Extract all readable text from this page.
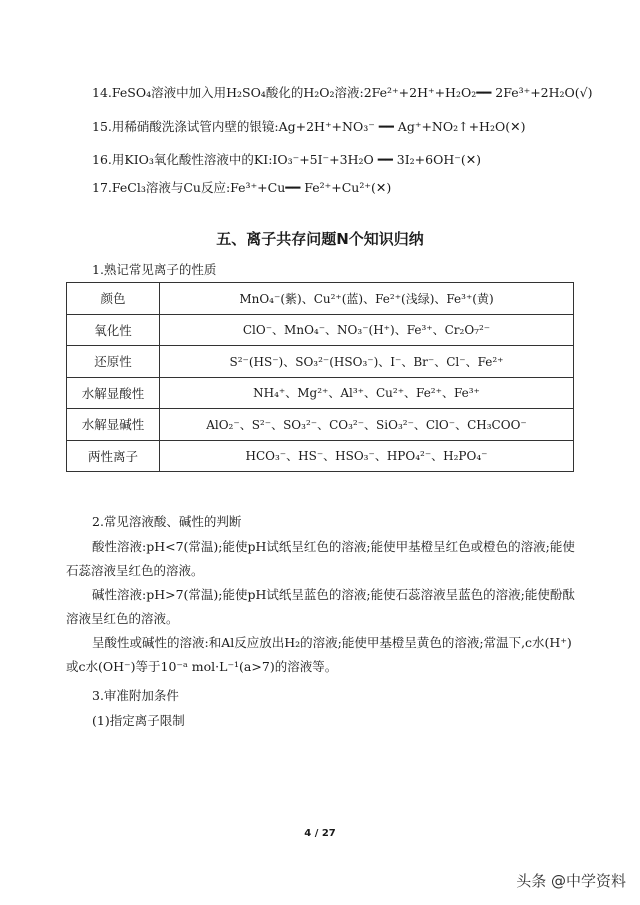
14.FeSO₄溶液中加入用H₂SO₄酸化的H₂O₂溶液:2Fe²⁺+2H⁺+H₂O₂━━ 2Fe³⁺+2H₂O(√)
15.用稀硝酸洗涤试管内壁的银镜:Ag+2H⁺+NO₃⁻ ━━ Ag⁺+NO₂↑+H₂O(✕)
16.用KIO₃氧化酸性溶液中的KI:IO₃⁻+5I⁻+3H₂O ━━ 3I₂+6OH⁻(✕)
17.FeCl₃溶液与Cu反应:Fe³⁺+Cu━━ Fe²⁺+Cu²⁺(✕)
五、离子共存问题N个知识归纳
1.熟记常见离子的性质
颜色	MnO₄⁻(紫)、Cu²⁺(蓝)、Fe²⁺(浅绿)、Fe³⁺(黄)
氧化性	ClO⁻、MnO₄⁻、NO₃⁻(H⁺)、Fe³⁺、Cr₂O₇²⁻
还原性	S²⁻(HS⁻)、SO₃²⁻(HSO₃⁻)、I⁻、Br⁻、Cl⁻、Fe²⁺
水解显酸性	NH₄⁺、Mg²⁺、Al³⁺、Cu²⁺、Fe²⁺、Fe³⁺
水解显碱性	AlO₂⁻、S²⁻、SO₃²⁻、CO₃²⁻、SiO₃²⁻、ClO⁻、CH₃COO⁻
两性离子	HCO₃⁻、HS⁻、HSO₃⁻、HPO₄²⁻、H₂PO₄⁻
2.常见溶液酸、碱性的判断
酸性溶液:pH<7(常温);能使pH试纸呈红色的溶液;能使甲基橙呈红色或橙色的溶液;能使石蕊溶液呈红色的溶液。
碱性溶液:pH>7(常温);能使pH试纸呈蓝色的溶液;能使石蕊溶液呈蓝色的溶液;能使酚酞溶液呈红色的溶液。
呈酸性或碱性的溶液:和Al反应放出H₂的溶液;能使甲基橙呈黄色的溶液;常温下,c水(H⁺)或c水(OH⁻)等于10⁻ᵃ mol·L⁻¹(a>7)的溶液等。
3.审准附加条件
(1)指定离子限制
4 / 27
头条 @中学资料
